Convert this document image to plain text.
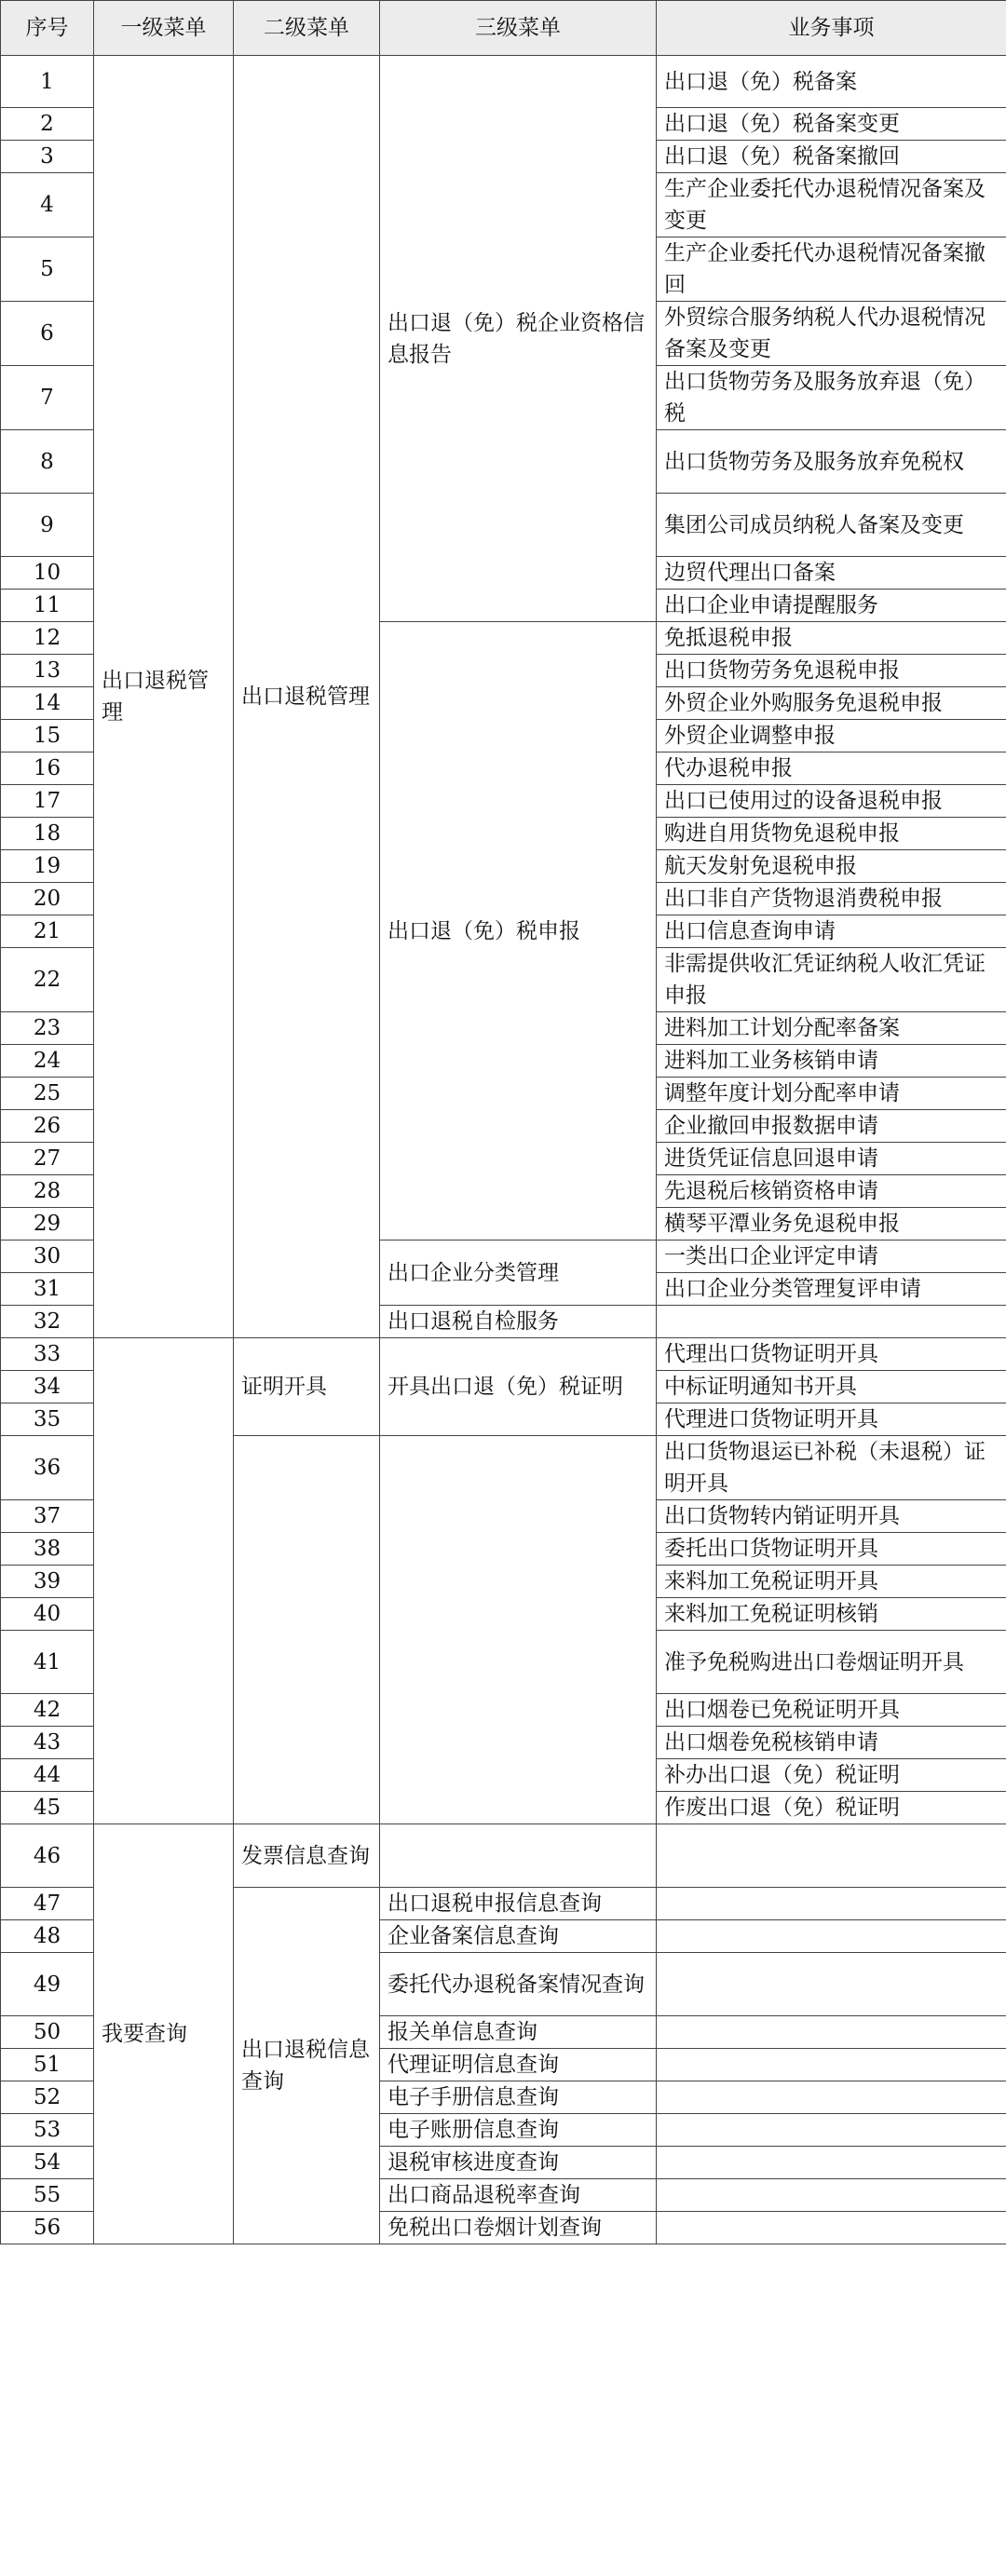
序号	一级菜单	二级菜单	三级菜单	业务事项
1	出口退税管理	出口退税管理	出口退（免）税企业资格信息报告	出口退（免）税备案
2				出口退（免）税备案变更
3				出口退（免）税备案撤回
4				生产企业委托代办退税情况备案及变更
5				生产企业委托代办退税情况备案撤回
6				外贸综合服务纳税人代办退税情况备案及变更
7				出口货物劳务及服务放弃退（免）税
8				出口货物劳务及服务放弃免税权
9				集团公司成员纳税人备案及变更
10				边贸代理出口备案
11				出口企业申请提醒服务
12			出口退（免）税申报	免抵退税申报
13				出口货物劳务免退税申报
14				外贸企业外购服务免退税申报
15				外贸企业调整申报
16				代办退税申报
17				出口已使用过的设备退税申报
18				购进自用货物免退税申报
19				航天发射免退税申报
20				出口非自产货物退消费税申报
21				出口信息查询申请
22				非需提供收汇凭证纳税人收汇凭证申报
23				进料加工计划分配率备案
24				进料加工业务核销申请
25				调整年度计划分配率申请
26				企业撤回申报数据申请
27				进货凭证信息回退申请
28				先退税后核销资格申请
29				横琴平潭业务免退税申报
30			出口企业分类管理	一类出口企业评定申请
31				出口企业分类管理复评申请
32			出口退税自检服务	
33		证明开具	开具出口退（免）税证明	代理出口货物证明开具
34				中标证明通知书开具
35				代理进口货物证明开具
36				出口货物退运已补税（未退税）证明开具
37				出口货物转内销证明开具
38				委托出口货物证明开具
39				来料加工免税证明开具
40				来料加工免税证明核销
41				准予免税购进出口卷烟证明开具
42				出口烟卷已免税证明开具
43				出口烟卷免税核销申请
44				补办出口退（免）税证明
45				作废出口退（免）税证明
46	我要查询	发票信息查询		
47		出口退税信息查询	出口退税申报信息查询	
48			企业备案信息查询	
49			委托代办退税备案情况查询	
50			报关单信息查询	
51			代理证明信息查询	
52			电子手册信息查询	
53			电子账册信息查询	
54			退税审核进度查询	
55			出口商品退税率查询	
56			免税出口卷烟计划查询	
